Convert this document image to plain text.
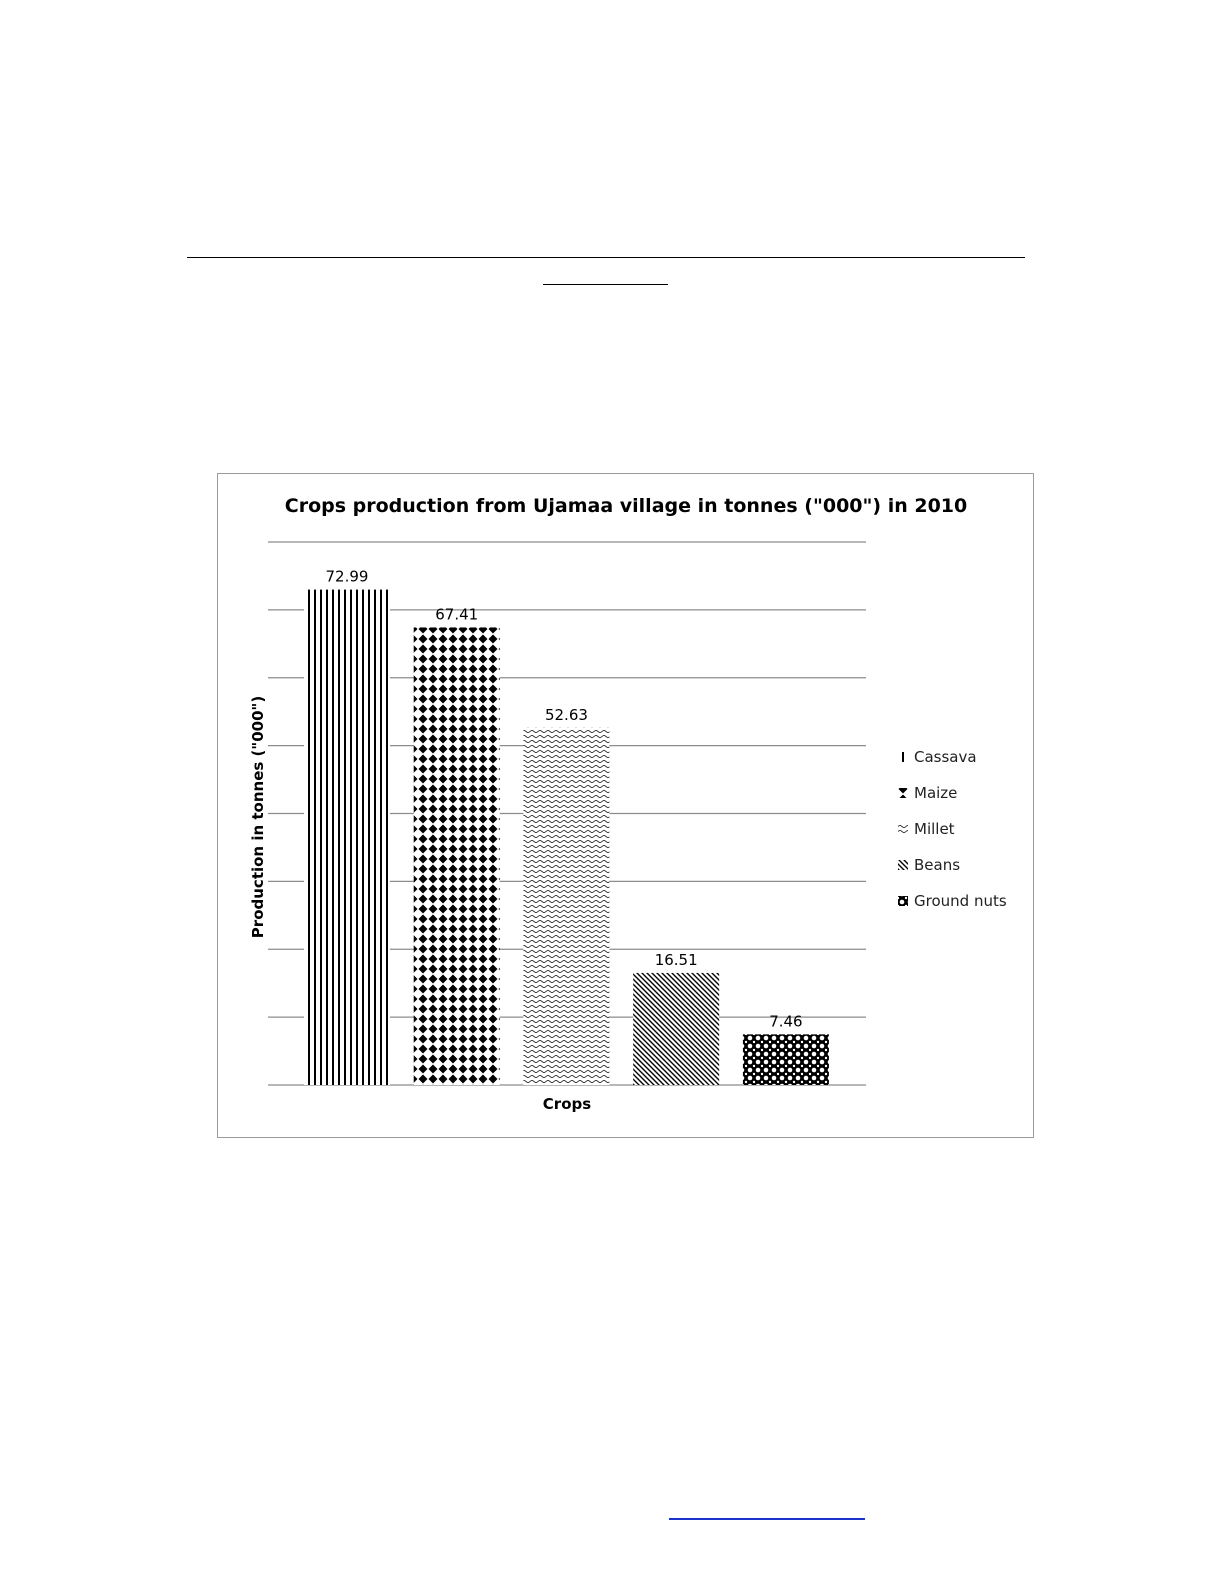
Crops production from Ujamaa village in tonnes ("000") in 2010
72.99
67.41
52.63
16.51
7.46
Production in tonnes ("000")
Crops
Cassava
Maize
Millet
Beans
Ground nuts
